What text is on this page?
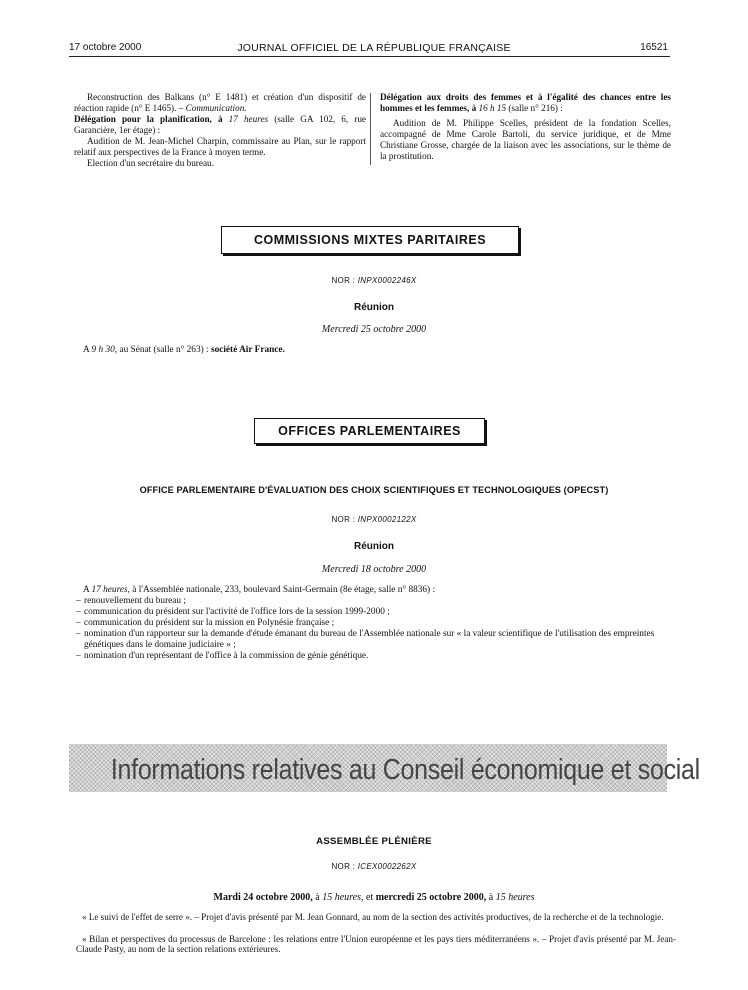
17 octobre 2000	JOURNAL OFFICIEL DE LA RÉPUBLIQUE FRANÇAISE	16521

Reconstruction des Balkans (n° E 1481) et création d'un dispositif de réaction rapide (n° E 1465). – Communication.

Délégation pour la planification, à 17 heures (salle GA 102, 6, rue Garancière, 1er étage) :

Audition de M. Jean-Michel Charpin, commissaire au Plan, sur le rapport relatif aux perspectives de la France à moyen terme.

Election d'un secrétaire du bureau.

Délégation aux droits des femmes et à l'égalité des chances entre les hommes et les femmes, à 16 h 15 (salle n° 216) :

Audition de M. Philippe Scelles, président de la fondation Scelles, accompagné de Mme Carole Bartoli, du service juridique, et de Mme Christiane Grosse, chargée de la liaison avec les associations, sur le thème de la prostitution.

COMMISSIONS MIXTES PARITAIRES
NOR : INPX0002246X
Réunion
Mercredi 25 octobre 2000
A 9 h 30, au Sénat (salle n° 263) : société Air France.
OFFICES PARLEMENTAIRES
OFFICE PARLEMENTAIRE D'ÉVALUATION DES CHOIX SCIENTIFIQUES ET TECHNOLOGIQUES (OPECST)
NOR : INPX0002122X
Réunion
Mercredi 18 octobre 2000
A 17 heures, à l'Assemblée nationale, 233, boulevard Saint-Germain (8e étage, salle n° 8836) :
– renouvellement du bureau ;
– communication du président sur l'activité de l'office lors de la session 1999-2000 ;
– communication du président sur la mission en Polynésie française ;
– nomination d'un rapporteur sur la demande d'étude émanant du bureau de l'Assemblée nationale sur « la valeur scientifique de l'utilisation des empreintes génétiques dans le domaine judiciaire » ;
– nomination d'un représentant de l'office à la commission de génie génétique.
Informations relatives au Conseil économique et social
ASSEMBLÉE PLÉNIÈRE
NOR : ICEX0002262X
Mardi 24 octobre 2000, à 15 heures, et mercredi 25 octobre 2000, à 15 heures

« Le suivi de l'effet de serre ». – Projet d'avis présenté par M. Jean Gonnard, au nom de la section des activités productives, de la recherche et de la technologie.

« Bilan et perspectives du processus de Barcelone : les relations entre l'Union européenne et les pays tiers méditerranéens ». – Projet d'avis présenté par M. Jean-Claude Pasty, au nom de la section relations extérieures.
